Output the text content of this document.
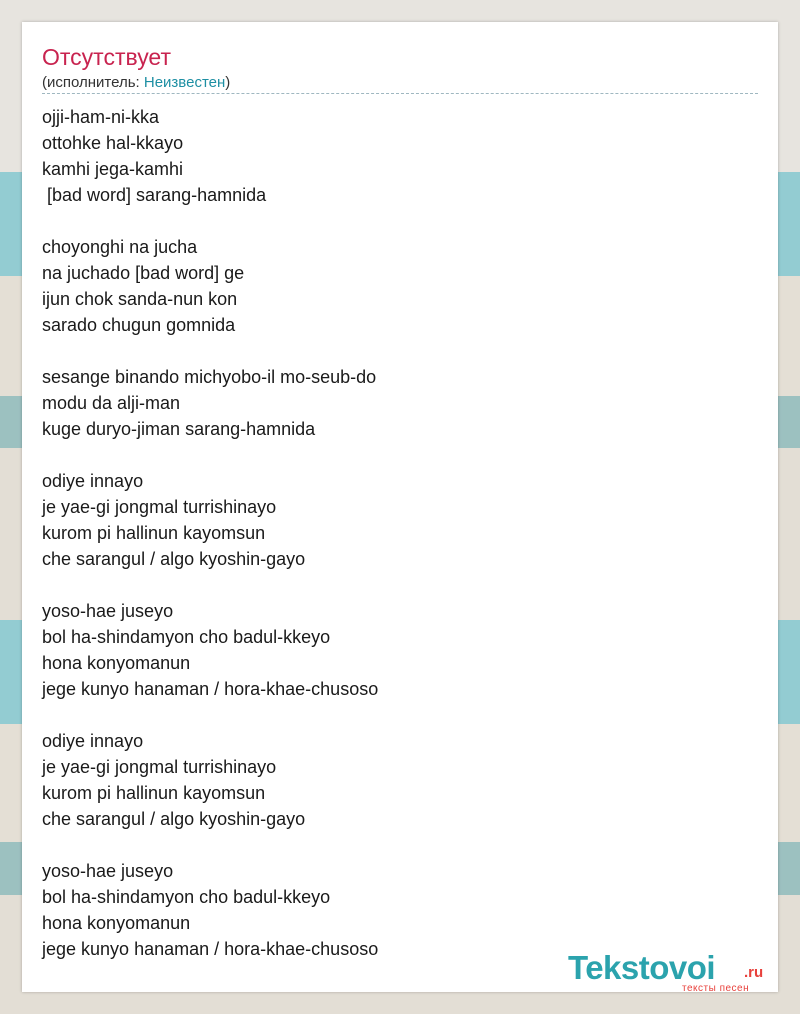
Отсутствует
(исполнитель: Неизвестен)
ojji-ham-ni-kka
ottohke hal-kkayo
kamhi jega-kamhi
[bad word] sarang-hamnida
choyonghi na jucha
na juchado [bad word] ge
ijun chok sanda-nun kon
sarado chugun gomnida
sesange binando michyobo-il mo-seub-do
modu da alji-man
kuge duryo-jiman sarang-hamnida
odiye innayo
je yae-gi jongmal turrishinayo
kurom pi hallinun kayomsun
che sarangul / algo kyoshin-gayo
yoso-hae juseyo
bol ha-shindamyon cho badul-kkeyo
hona konyomanun
jege kunyo hanaman / hora-khae-chusoso
odiye innayo
je yae-gi jongmal turrishinayo
kurom pi hallinun kayomsun
che sarangul / algo kyoshin-gayo
yoso-hae juseyo
bol ha-shindamyon cho badul-kkeyo
hona konyomanun
jege kunyo hanaman / hora-khae-chusoso	Tekstovoi .ru
тексты песен
